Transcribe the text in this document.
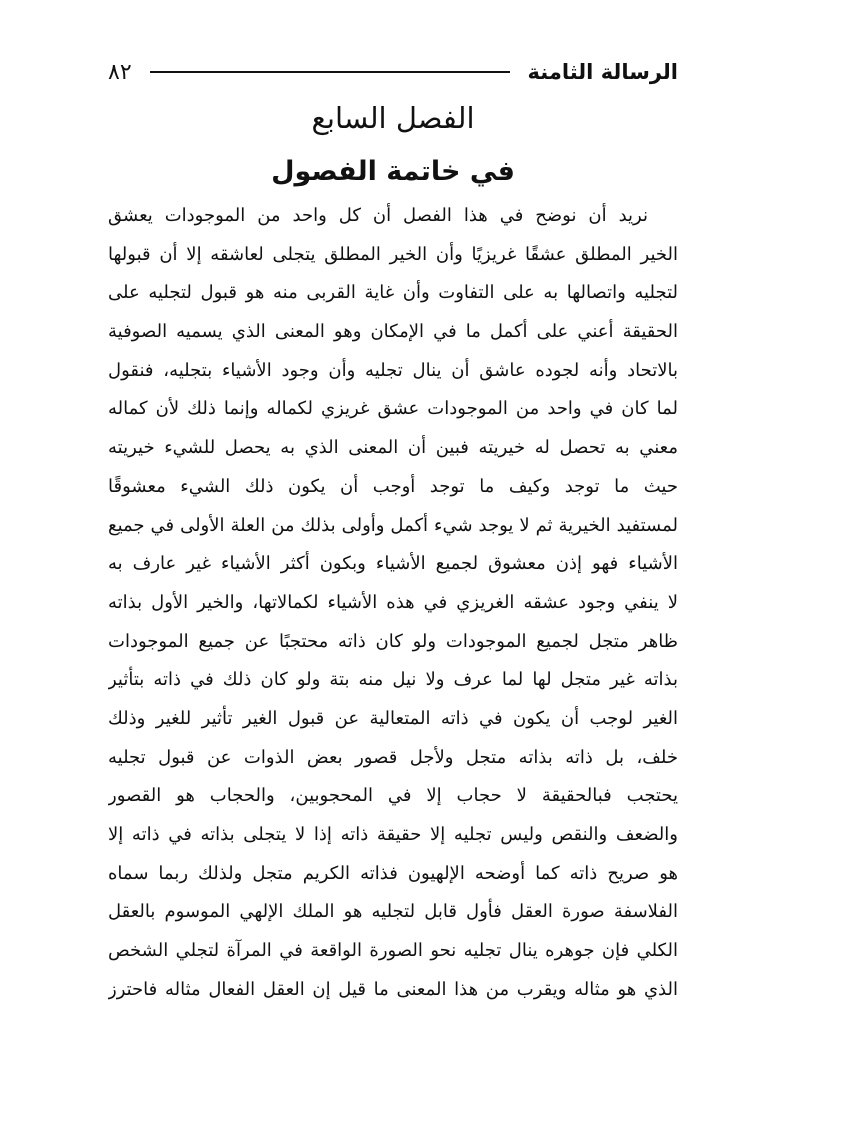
الرسالة الثامنة
٨٢
الفصل السابع
في خاتمة الفصول
نريد أن نوضح في هذا الفصل أن كل واحد من الموجودات يعشق
الخير المطلق عشقًا غريزيًا وأن الخير المطلق يتجلى لعاشقه إلا أن قبولها
لتجليه واتصالها به على التفاوت وأن غاية القربى منه هو قبول لتجليه على
الحقيقة أعني على أكمل ما في الإمكان وهو المعنى الذي يسميه الصوفية
بالاتحاد وأنه لجوده عاشق أن ينال تجليه وأن وجود الأشياء بتجليه، فنقول
لما كان في واحد من الموجودات عشق غريزي لكماله وإنما ذلك لأن كماله
معني به تحصل له خيريته فبين أن المعنى الذي به يحصل للشيء خيريته
حيث ما توجد وكيف ما توجد أوجب أن يكون ذلك الشيء معشوقًا
لمستفيد الخيرية ثم لا يوجد شيء أكمل وأولى بذلك من العلة الأولى في جميع
الأشياء فهو إذن معشوق لجميع الأشياء وبكون أكثر الأشياء غير عارف به
لا ينفي وجود عشقه الغريزي في هذه الأشياء لكمالاتها، والخير الأول بذاته
ظاهر متجل لجميع الموجودات ولو كان ذاته محتجبًا عن جميع الموجودات
بذاته غير متجل لها لما عرف ولا نيل منه بتة ولو كان ذلك في ذاته بتأثير
الغير لوجب أن يكون في ذاته المتعالية عن قبول الغير تأثير للغير وذلك
خلف، بل ذاته بذاته متجل ولأجل قصور بعض الذوات عن قبول تجليه
يحتجب فبالحقيقة لا حجاب إلا في المحجوبين، والحجاب هو القصور
والضعف والنقص وليس تجليه إلا حقيقة ذاته إذا لا يتجلى بذاته في ذاته إلا
هو صريح ذاته كما أوضحه الإلهيون فذاته الكريم متجل ولذلك ربما سماه
الفلاسفة صورة العقل فأول قابل لتجليه هو الملك الإلهي الموسوم بالعقل
الكلي فإن جوهره ينال تجليه نحو الصورة الواقعة في المرآة لتجلي الشخص
الذي هو مثاله ويقرب من هذا المعنى ما قيل إن العقل الفعال مثاله فاحترز
